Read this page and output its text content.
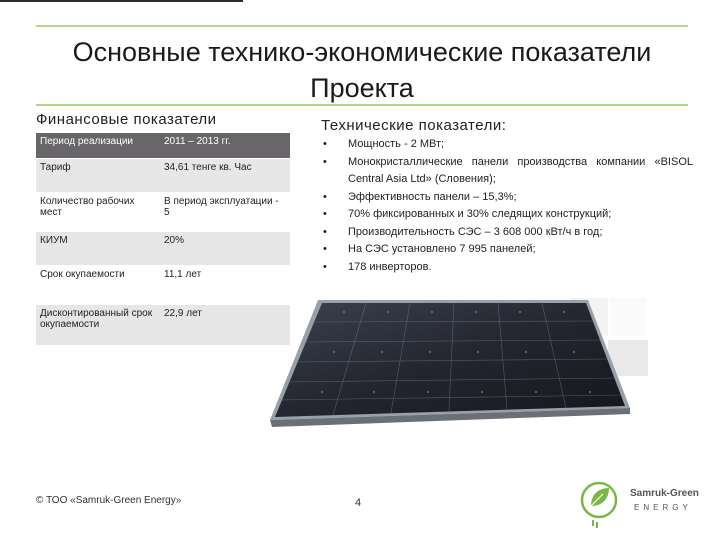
Основные технико-экономические показатели Проекта
Финансовые показатели	Технические показатели:
Период реализации	2011 – 2013 гг.
Тариф	34,61 тенге кв. Час
Количество рабочих мест	В период эксплуатации - 5
КИУМ	20%
Срок окупаемости	11,1 лет
Дисконтированный срок окупаемости	22,9 лет
• Мощность - 2 МВт;
• Монокристаллические панели производства компании «BISOL Central Asia Ltd» (Словения);
• Эффективность панели – 15,3%;
• 70% фиксированных и 30% следящих конструкций;
• Производительность СЭС – 3 608 000 кВт/ч в год;
• На СЭС установлено 7 995 панелей;
• 178 инверторов.
© ТОО «Samruk-Green Energy»	4
Samruk-Green
ENERGY
